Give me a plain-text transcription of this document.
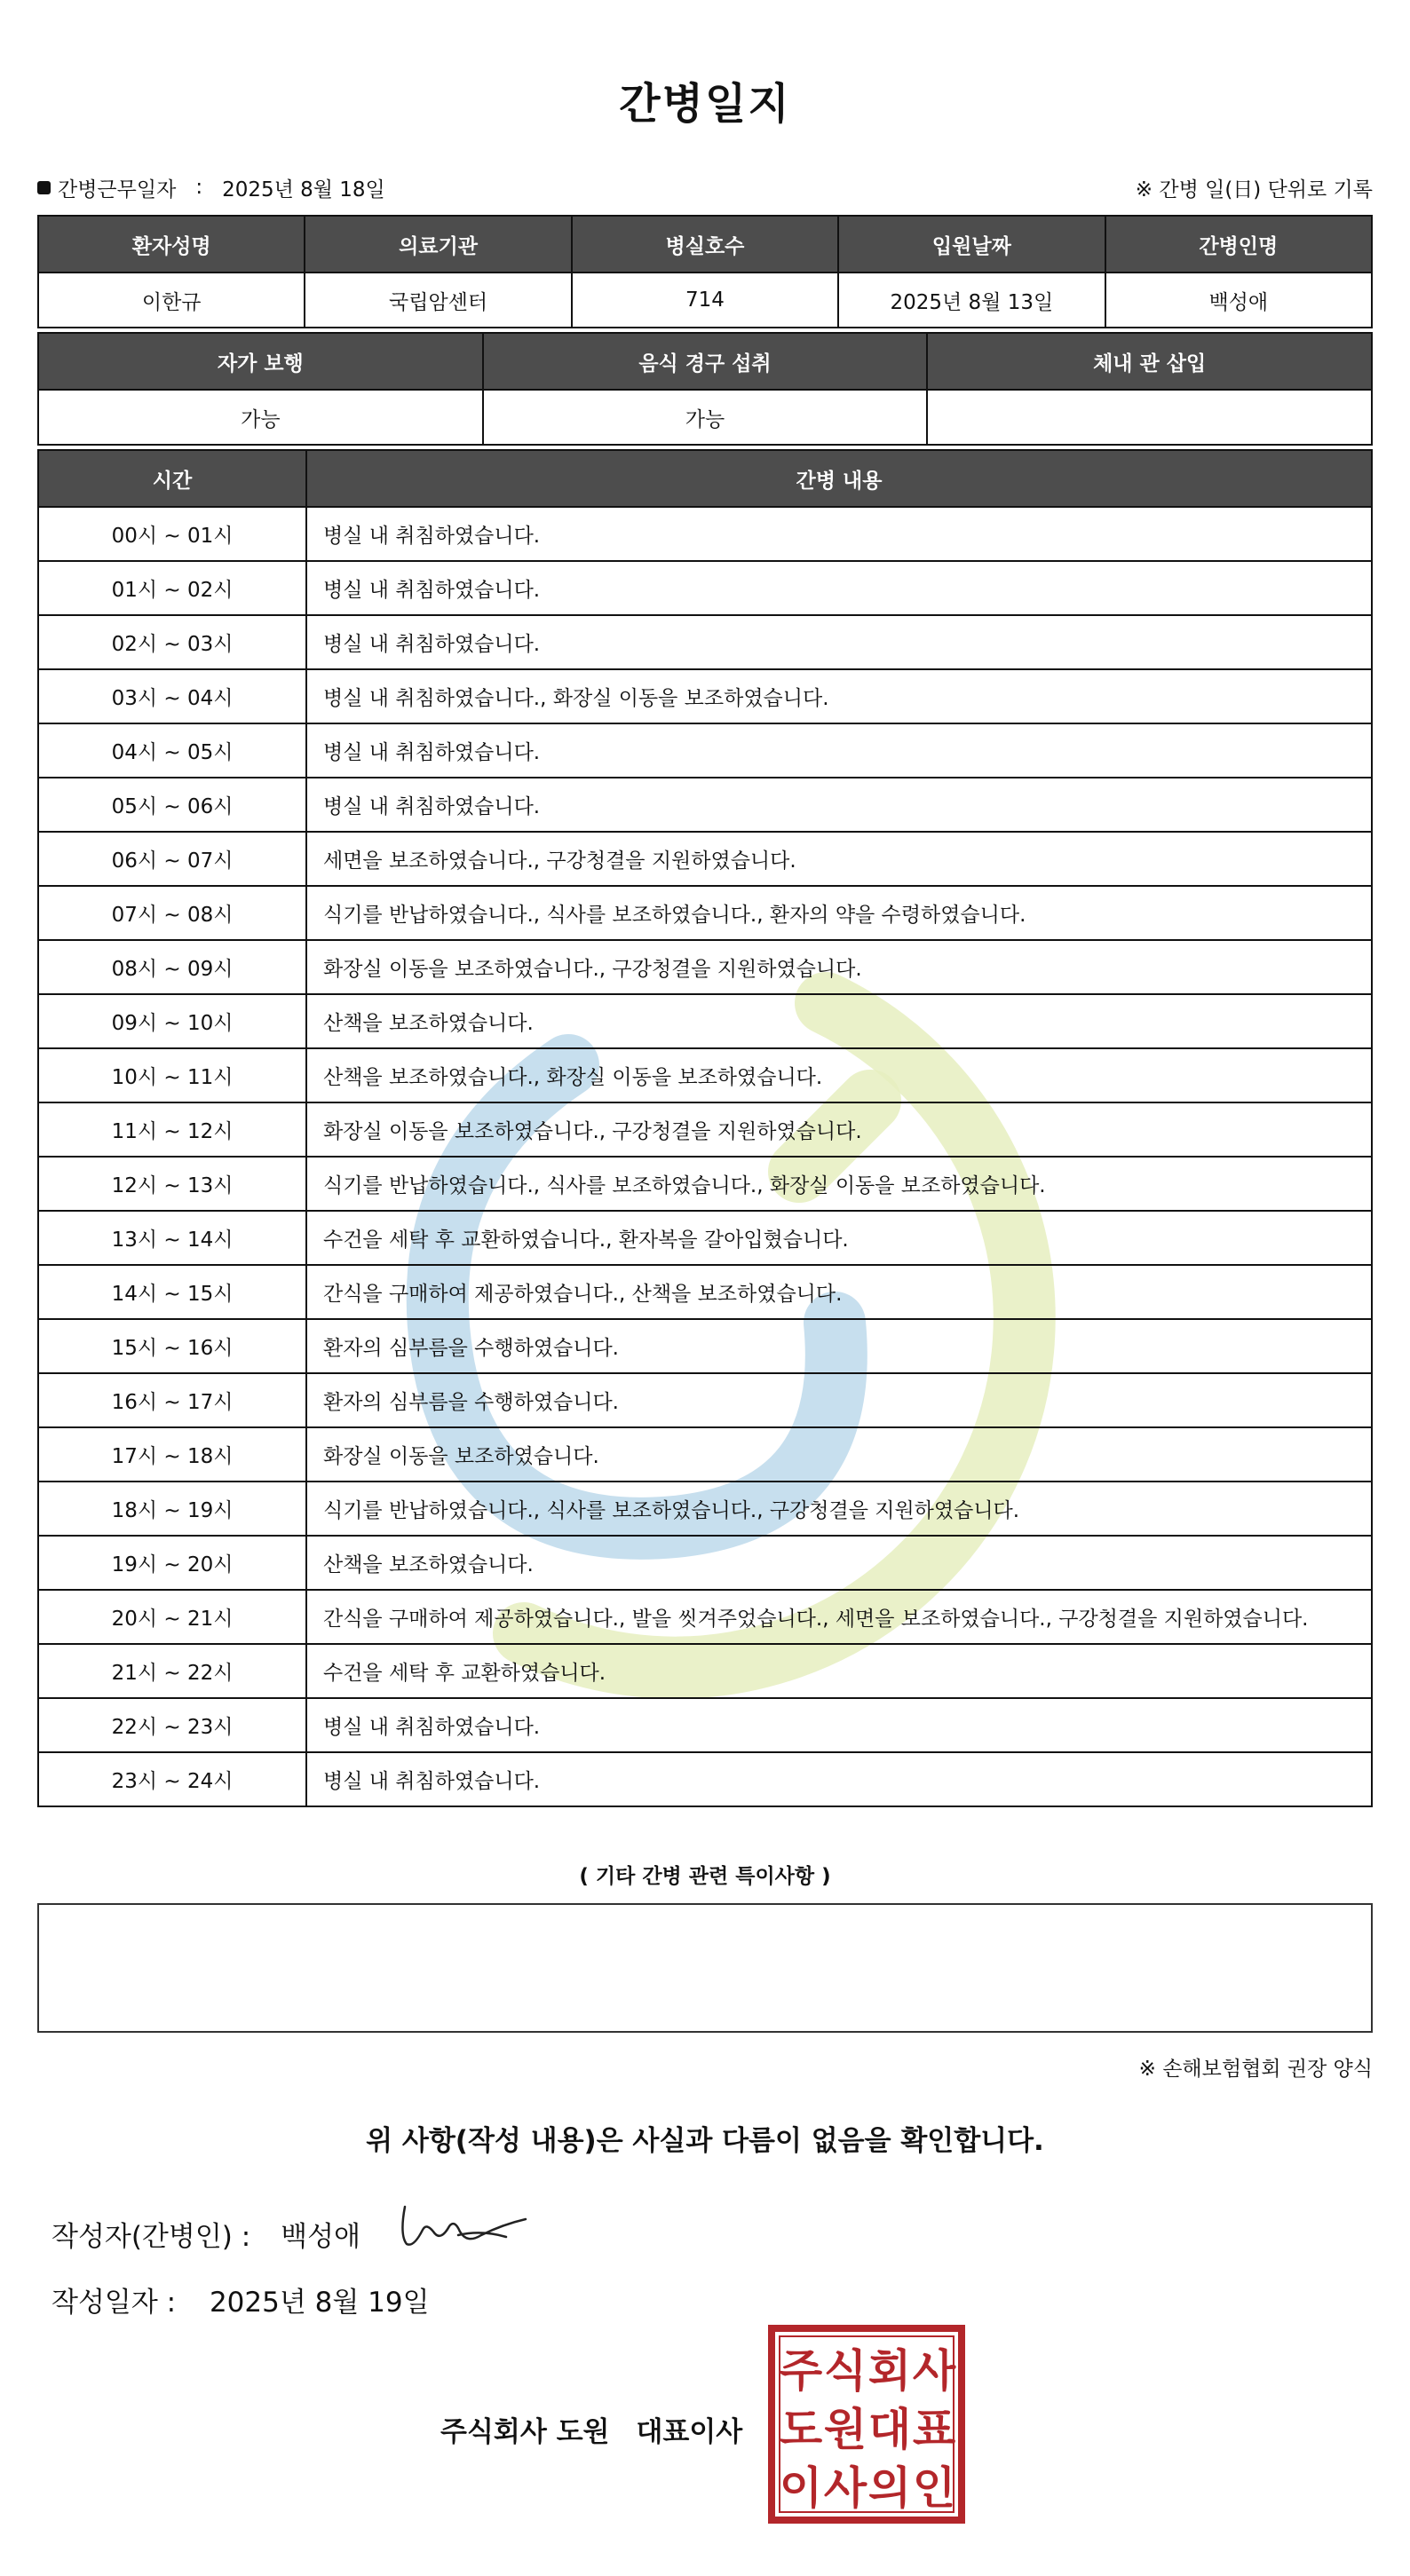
간병일지
간병근무일자 : 2025년 8월 18일	※ 간병 일(日) 단위로 기록
환자성명	의료기관	병실호수	입원날짜	간병인명
이한규	국립암센터	714	2025년 8월 13일	백성애
자가 보행	음식 경구 섭취	체내 관 삽입
가능	가능	
시간	간병 내용
00시 ~ 01시	병실 내 취침하였습니다.
01시 ~ 02시	병실 내 취침하였습니다.
02시 ~ 03시	병실 내 취침하였습니다.
03시 ~ 04시	병실 내 취침하였습니다., 화장실 이동을 보조하였습니다.
04시 ~ 05시	병실 내 취침하였습니다.
05시 ~ 06시	병실 내 취침하였습니다.
06시 ~ 07시	세면을 보조하였습니다., 구강청결을 지원하였습니다.
07시 ~ 08시	식기를 반납하였습니다., 식사를 보조하였습니다., 환자의 약을 수령하였습니다.
08시 ~ 09시	화장실 이동을 보조하였습니다., 구강청결을 지원하였습니다.
09시 ~ 10시	산책을 보조하였습니다.
10시 ~ 11시	산책을 보조하였습니다., 화장실 이동을 보조하였습니다.
11시 ~ 12시	화장실 이동을 보조하였습니다., 구강청결을 지원하였습니다.
12시 ~ 13시	식기를 반납하였습니다., 식사를 보조하였습니다., 화장실 이동을 보조하였습니다.
13시 ~ 14시	수건을 세탁 후 교환하였습니다., 환자복을 갈아입혔습니다.
14시 ~ 15시	간식을 구매하여 제공하였습니다., 산책을 보조하였습니다.
15시 ~ 16시	환자의 심부름을 수행하였습니다.
16시 ~ 17시	환자의 심부름을 수행하였습니다.
17시 ~ 18시	화장실 이동을 보조하였습니다.
18시 ~ 19시	식기를 반납하였습니다., 식사를 보조하였습니다., 구강청결을 지원하였습니다.
19시 ~ 20시	산책을 보조하였습니다.
20시 ~ 21시	간식을 구매하여 제공하였습니다., 발을 씻겨주었습니다., 세면을 보조하였습니다., 구강청결을 지원하였습니다.
21시 ~ 22시	수건을 세탁 후 교환하였습니다.
22시 ~ 23시	병실 내 취침하였습니다.
23시 ~ 24시	병실 내 취침하였습니다.
( 기타 간병 관련 특이사항 )
※ 손해보험협회 권장 양식
위 사항(작성 내용)은 사실과 다름이 없음을 확인합니다.
작성자(간병인) : 백성애
작성일자 : 2025년 8월 19일
주식회사 도원 대표이사
주 식 회 사
도 원 대 표
이 사 의 인
